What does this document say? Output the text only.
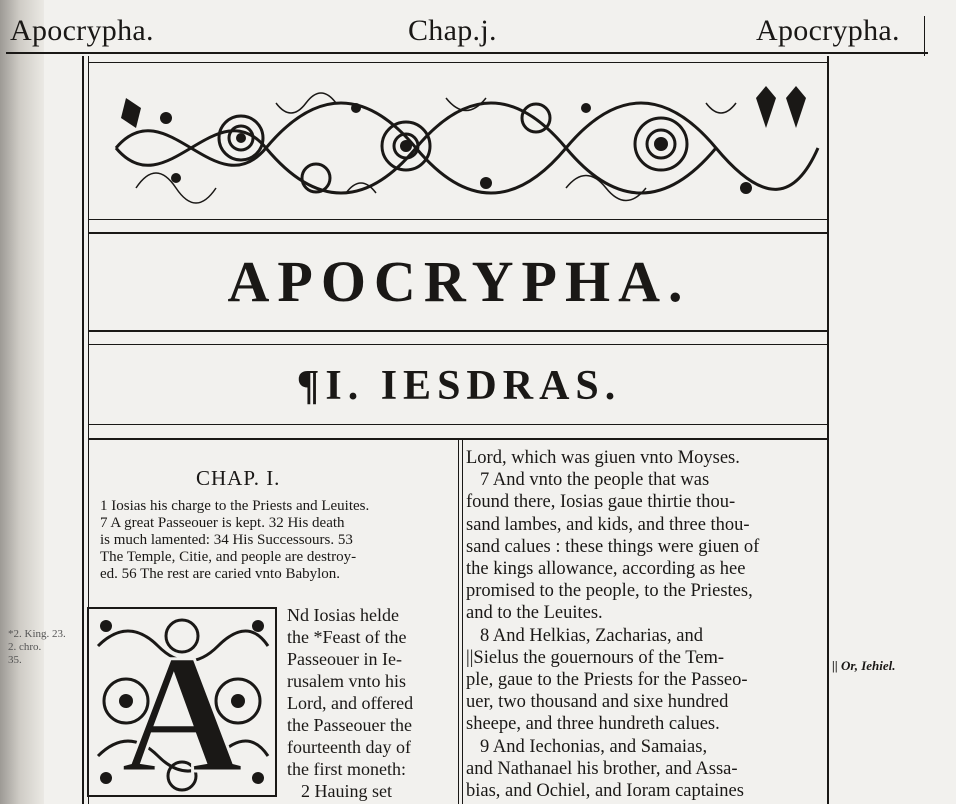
Apocrypha.	Chap.j.	Apocrypha.
APOCRYPHA.
¶I. IESDRAS.
CHAP. I.
1 Iosias his charge to the Priests and Leuites.
7 A great Passeouer is kept. 32 His death
is much lamented: 34 His Successours. 53
The Temple, Citie, and people are destroy-
ed. 56 The rest are caried vnto Babylon.
A
Nd Iosias helde
the *Feast of the
Passeouer in Ie-
rusalem vnto his
Lord, and offered
the Passeouer the
fourteenth day of
the first moneth:
2 Hauing set
Lord, which was giuen vnto Moyses.
7 And vnto the people that was
found there, Iosias gaue thirtie thou-
sand lambes, and kids, and three thou-
sand calues : these things were giuen of
the kings allowance, according as hee
promised to the people, to the Priestes,
and to the Leuites.
8 And Helkias, Zacharias, and
||Sielus the gouernours of the Tem-
ple, gaue to the Priests for the Passeo-
uer, two thousand and sixe hundred
sheepe, and three hundreth calues.
9 And Iechonias, and Samaias,
and Nathanael his brother, and Assa-
bias, and Ochiel, and Ioram captaines
|| Or, Iehiel.
*2. King. 23.
2. chro.
35.
